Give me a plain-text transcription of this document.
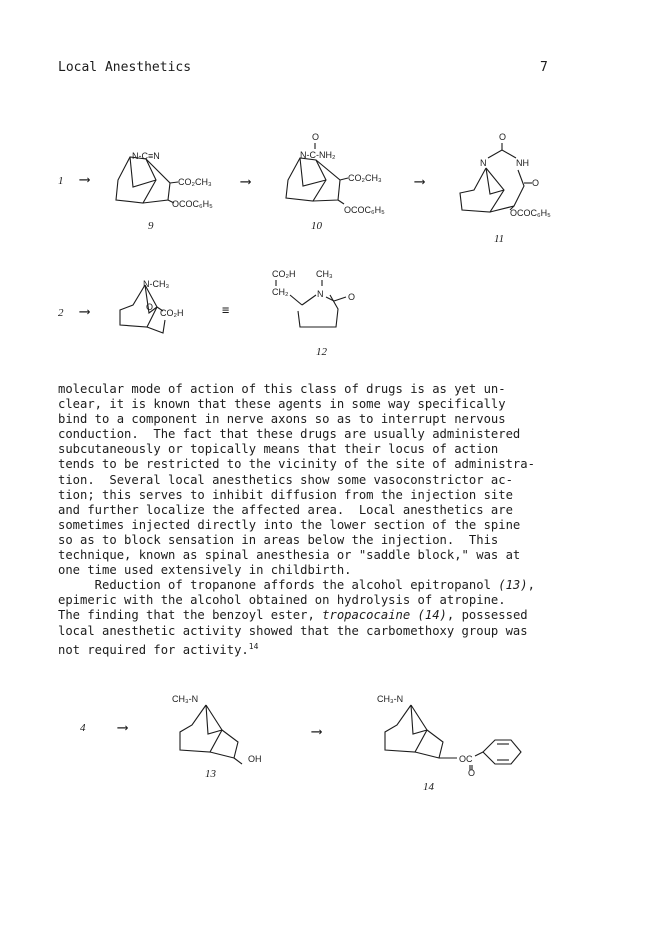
Local Anesthetics	7
1 ⟶
N-C≡N
CO₂CH₃
OCOC₆H₅
9
⟶
O
N-C-NH₂
CO₂CH₃
OCOC₆H₅
10
⟶
O
N	NH
O
OCOC₆H₅
11
2 ⟶
N-CH₃
O
CO₂H	≡
CO₂H
CH₂
CH₃
N	O
12

molecular mode of action of this class of drugs is as yet un-
clear, it is known that these agents in some way specifically
bind to a component in nerve axons so as to interrupt nervous
conduction.  The fact that these drugs are usually administered
subcutaneously or topically means that their locus of action
tends to be restricted to the vicinity of the site of administra-
tion.  Several local anesthetics show some vasoconstrictor ac-
tion; this serves to inhibit diffusion from the injection site
and further localize the affected area.  Local anesthetics are
sometimes injected directly into the lower section of the spine
so as to block sensation in areas below the injection.  This
technique, known as spinal anesthesia or "saddle block," was at
one time used extensively in childbirth.

Reduction of tropanone affords the alcohol epitropanol (13),
epimeric with the alcohol obtained on hydrolysis of atropine.
The finding that the benzoyl ester, tropacocaine (14), possessed
local anesthetic activity showed that the carbomethoxy group was
not required for activity.$^{14}$

4 ⟶
CH₃-N
OH
13
⟶
CH₃-N
OC
O
14
